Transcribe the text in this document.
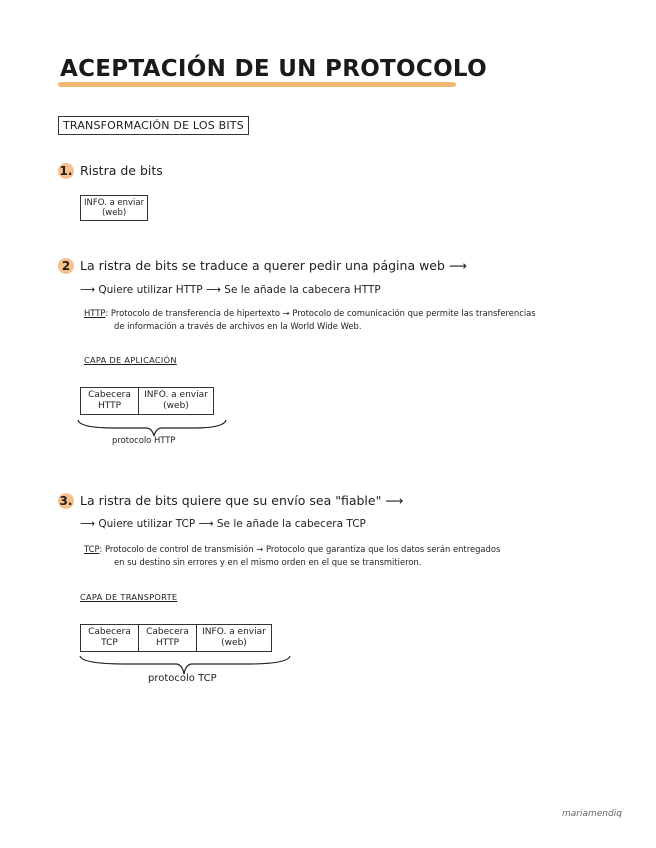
ACEPTACIÓN DE UN PROTOCOLO
TRANSFORMACIÓN DE LOS BITS
1. Ristra de bits
INFO. a enviar
(web)
2 La ristra de bits se traduce a querer pedir una página web ⟶
⟶ Quiere utilizar HTTP ⟶ Se le añade la cabecera HTTP
HTTP: Protocolo de transferencia de hipertexto → Protocolo de comunicación que permite las transferencias
de información a través de archivos en la World Wide Web.
CAPA DE APLICACIÓN
Cabecera
HTTP
INFO. a enviar
(web)
protocolo HTTP
3. La ristra de bits quiere que su envío sea "fiable" ⟶
⟶ Quiere utilizar TCP ⟶ Se le añade la cabecera TCP
TCP: Protocolo de control de transmisión → Protocolo que garantiza que los datos serán entregados
en su destino sin errores y en el mismo orden en el que se transmitieron.
CAPA DE TRANSPORTE
Cabecera
TCP
Cabecera
HTTP
INFO. a enviar
(web)
protocolo TCP
mariamendiq
